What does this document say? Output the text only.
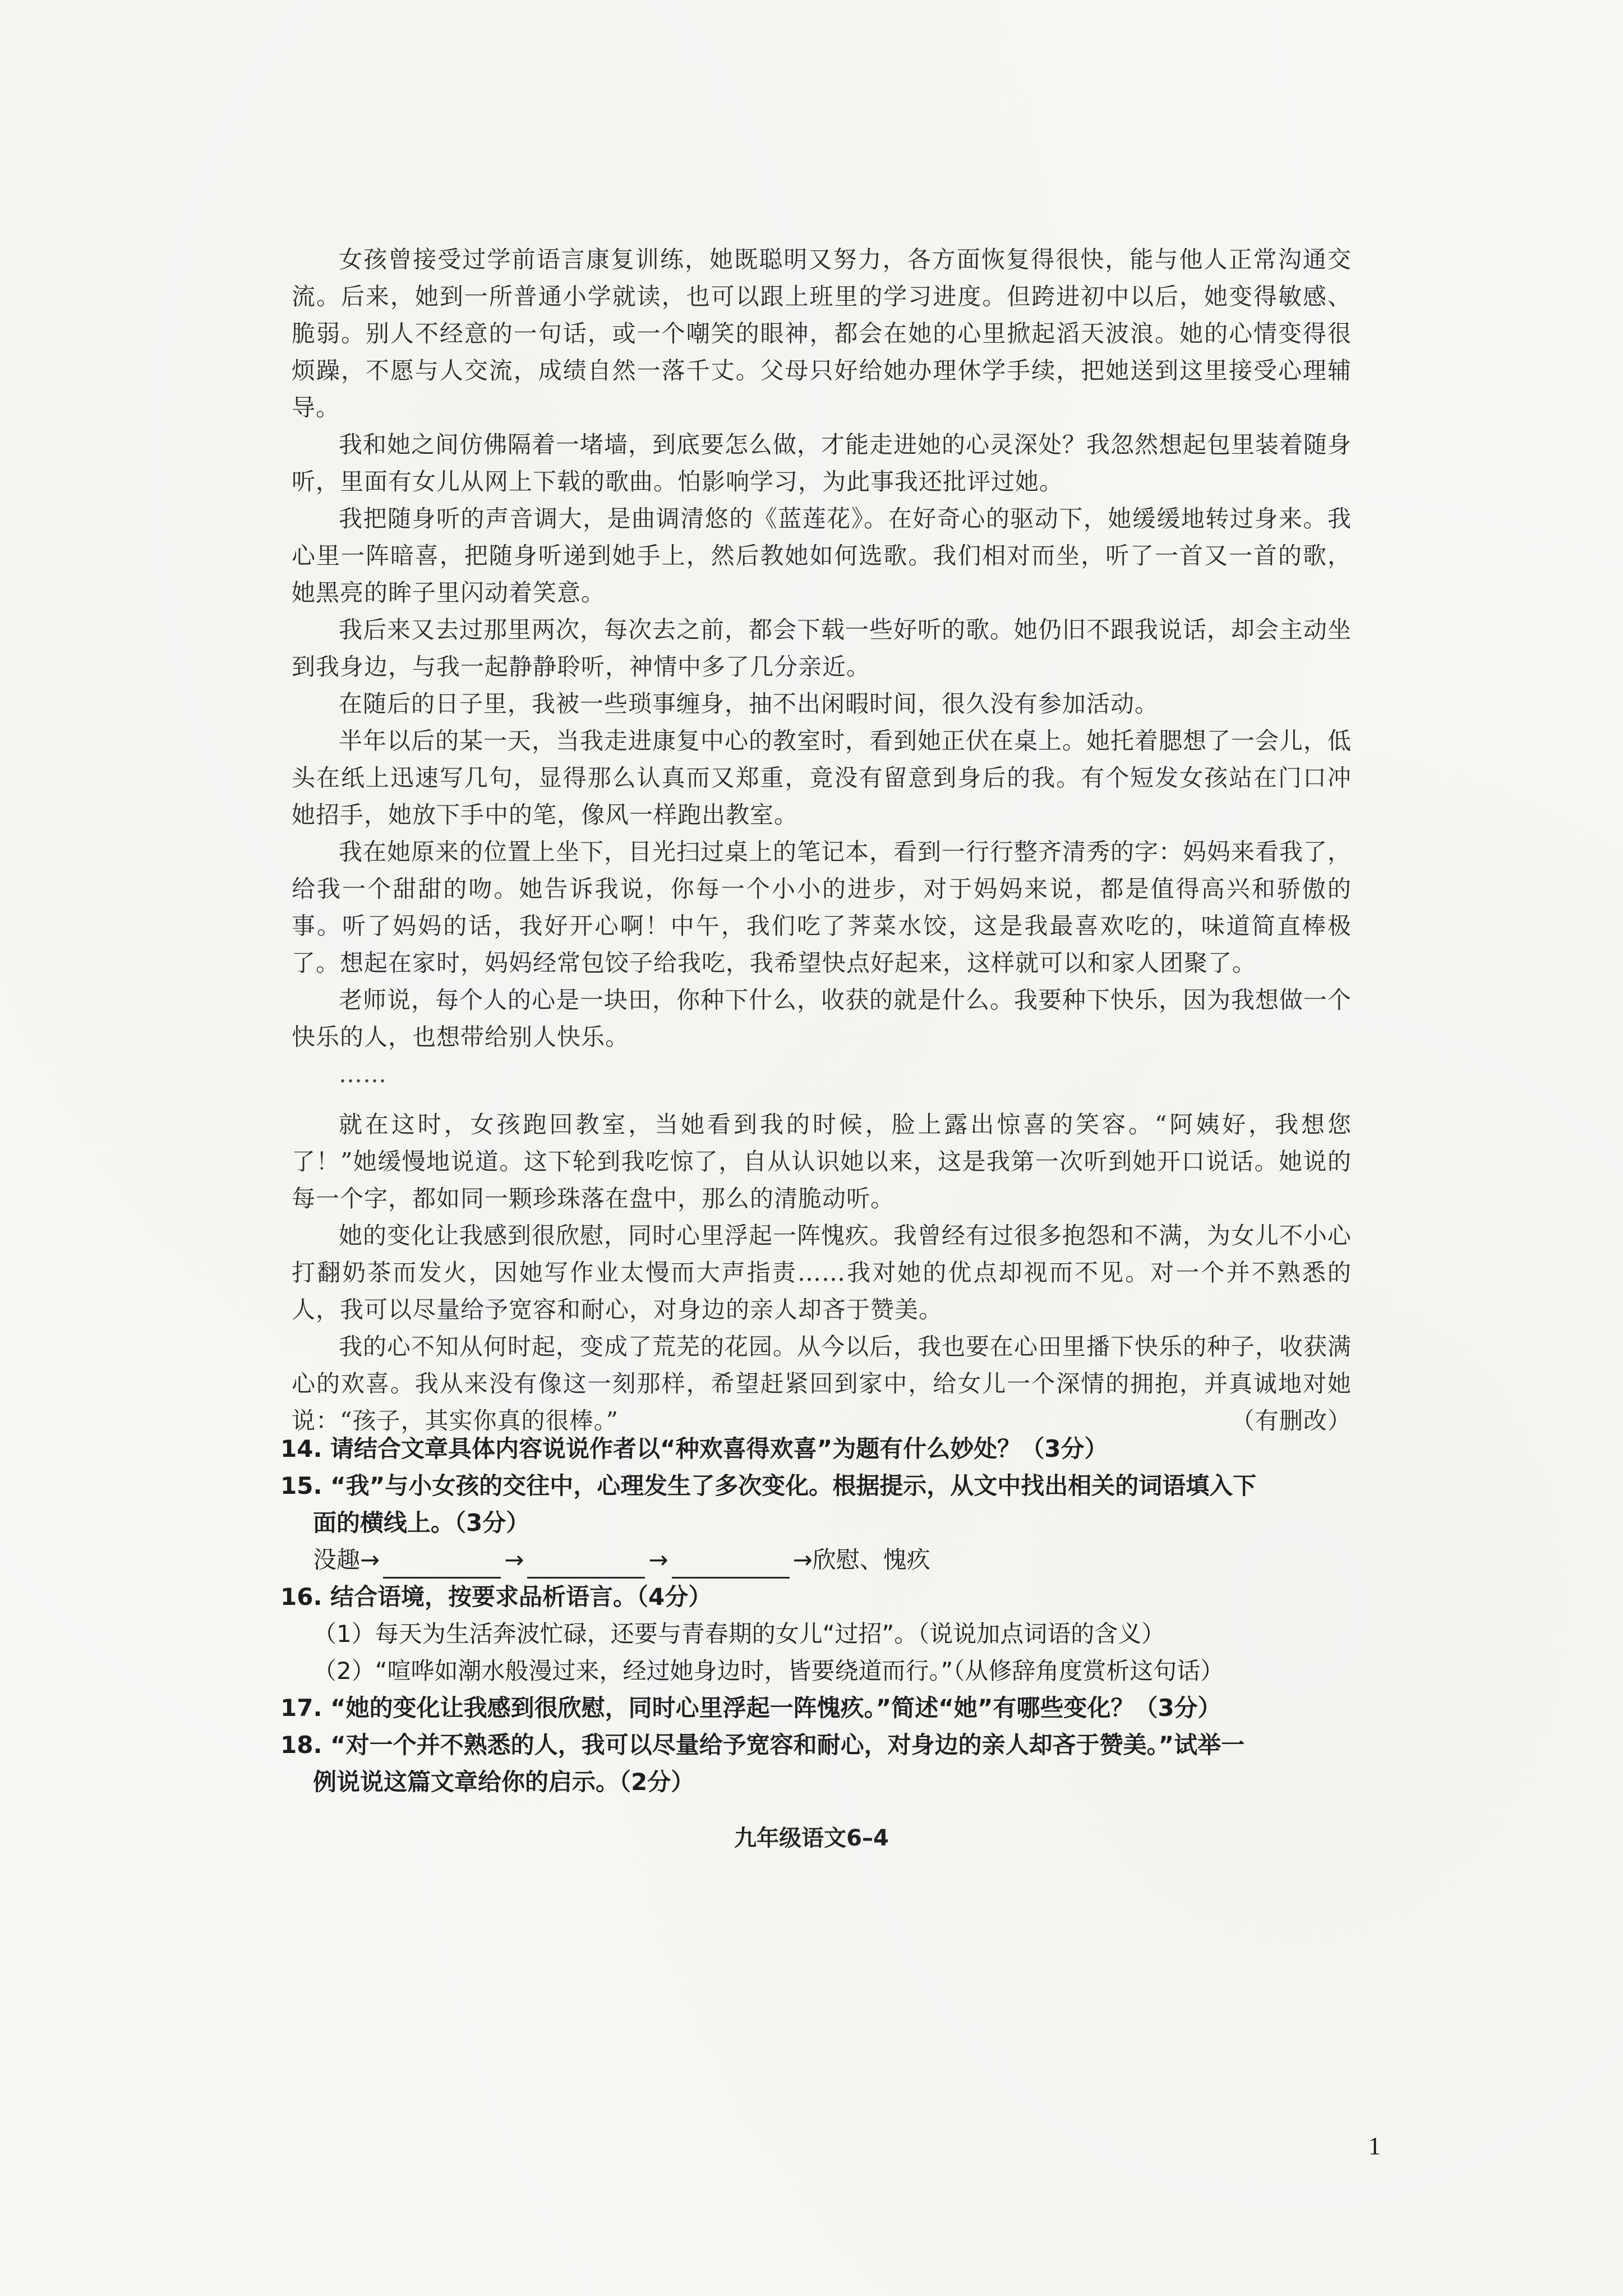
女孩曾接受过学前语言康复训练，她既聪明又努力，各方面恢复得很快，能与他人正常沟通交流。后来，她到一所普通小学就读，也可以跟上班里的学习进度。但跨进初中以后，她变得敏感、脆弱。别人不经意的一句话，或一个嘲笑的眼神，都会在她的心里掀起滔天波浪。她的心情变得很烦躁，不愿与人交流，成绩自然一落千丈。父母只好给她办理休学手续，把她送到这里接受心理辅导。

我和她之间仿佛隔着一堵墙，到底要怎么做，才能走进她的心灵深处？我忽然想起包里装着随身听，里面有女儿从网上下载的歌曲。怕影响学习，为此事我还批评过她。

我把随身听的声音调大，是曲调清悠的《蓝莲花》。在好奇心的驱动下，她缓缓地转过身来。我心里一阵暗喜，把随身听递到她手上，然后教她如何选歌。我们相对而坐，听了一首又一首的歌，她黑亮的眸子里闪动着笑意。

我后来又去过那里两次，每次去之前，都会下载一些好听的歌。她仍旧不跟我说话，却会主动坐到我身边，与我一起静静聆听，神情中多了几分亲近。

在随后的日子里，我被一些琐事缠身，抽不出闲暇时间，很久没有参加活动。

半年以后的某一天，当我走进康复中心的教室时，看到她正伏在桌上。她托着腮想了一会儿，低头在纸上迅速写几句，显得那么认真而又郑重，竟没有留意到身后的我。有个短发女孩站在门口冲她招手，她放下手中的笔，像风一样跑出教室。

我在她原来的位置上坐下，目光扫过桌上的笔记本，看到一行行整齐清秀的字：妈妈来看我了，给我一个甜甜的吻。她告诉我说，你每一个小小的进步，对于妈妈来说，都是值得高兴和骄傲的事。听了妈妈的话，我好开心啊！中午，我们吃了荠菜水饺，这是我最喜欢吃的，味道简直棒极了。想起在家时，妈妈经常包饺子给我吃，我希望快点好起来，这样就可以和家人团聚了。

老师说，每个人的心是一块田，你种下什么，收获的就是什么。我要种下快乐，因为我想做一个快乐的人，也想带给别人快乐。

……

就在这时，女孩跑回教室，当她看到我的时候，脸上露出惊喜的笑容。“阿姨好，我想您了！”她缓慢地说道。这下轮到我吃惊了，自从认识她以来，这是我第一次听到她开口说话。她说的每一个字，都如同一颗珍珠落在盘中，那么的清脆动听。

她的变化让我感到很欣慰，同时心里浮起一阵愧疚。我曾经有过很多抱怨和不满，为女儿不小心打翻奶茶而发火，因她写作业太慢而大声指责……我对她的优点却视而不见。对一个并不熟悉的人，我可以尽量给予宽容和耐心，对身边的亲人却吝于赞美。

我的心不知从何时起，变成了荒芜的花园。从今以后，我也要在心田里播下快乐的种子，收获满心的欢喜。我从来没有像这一刻那样，希望赶紧回到家中，给女儿一个深情的拥抱，并真诚地对她说：“孩子，其实你真的很棒。”	（有删改）

14. 请结合文章具体内容说说作者以“种欢喜得欢喜”为题有什么妙处？（3分）

15. “我”与小女孩的交往中，心理发生了多次变化。根据提示，从文中找出相关的词语填入下
面的横线上。（3分）
没趣→	→	→	→欣慰、愧疚

16. 结合语境，按要求品析语言。（4分）
（1）每天为生活奔波忙碌，还要与青春期的女儿“过招”。（说说加点词语的含义）
（2）“喧哗如潮水般漫过来，经过她身边时，皆要绕道而行。”（从修辞角度赏析这句话）

17. “她的变化让我感到很欣慰，同时心里浮起一阵愧疚。”简述“她”有哪些变化？（3分）

18. “对一个并不熟悉的人，我可以尽量给予宽容和耐心，对身边的亲人却吝于赞美。”试举一
例说说这篇文章给你的启示。（2分）

九年级语文6–4
1
